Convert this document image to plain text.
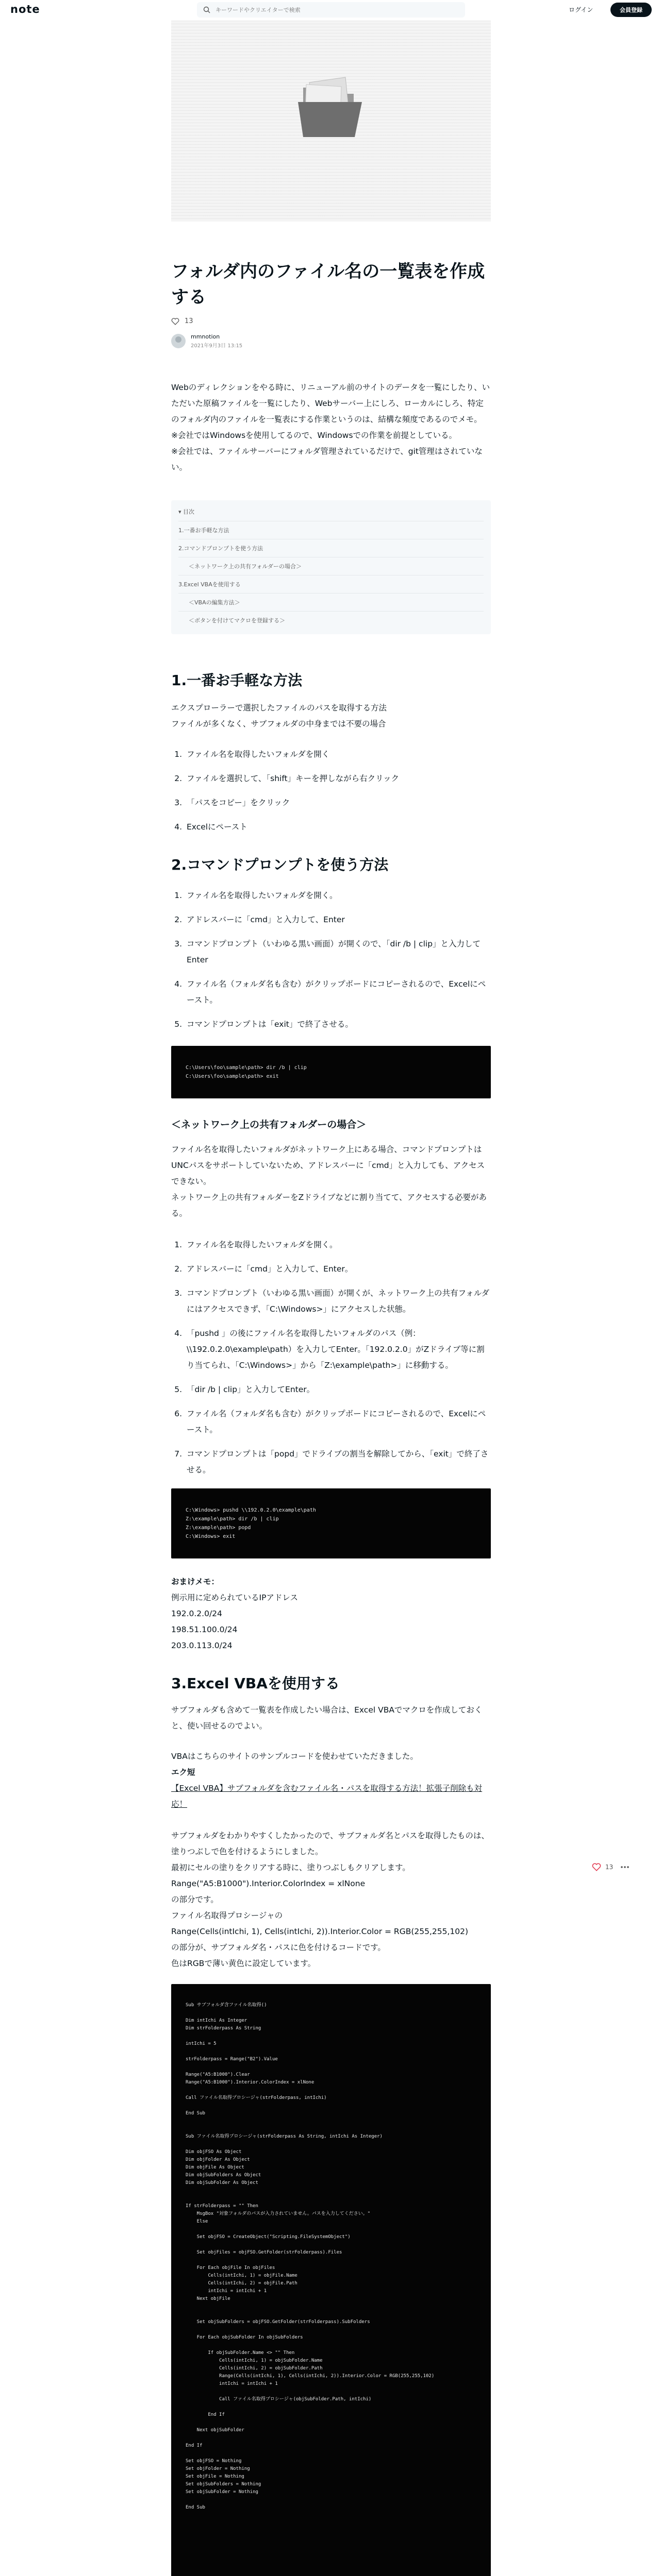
note
キーワードやクリエイターで検索	ログイン	会員登録
フォルダ内のファイル名の一覧表を作成する
13
mmnotion
2021年9月3日 13:15
Webのディレクションをやる時に、リニューアル前のサイトのデータを一覧にしたり、いただいた原稿ファイルを一覧にしたり、Webサーバー上にしろ、ローカルにしろ、特定のフォルダ内のファイルを一覧表にする作業というのは、結構な頻度であるのでメモ。
※会社ではWindowsを使用してるので、Windowsでの作業を前提としている。
※会社では、ファイルサーバーにフォルダ管理されているだけで、git管理はされていない。
▾ 目次
1.一番お手軽な方法
2.コマンドプロンプトを使う方法
＜ネットワーク上の共有フォルダーの場合＞
3.Excel VBAを使用する
＜VBAの編集方法＞
＜ボタンを付けてマクロを登録する＞
1.一番お手軽な方法
エクスプローラーで選択したファイルのパスを取得する方法
ファイルが多くなく、サブフォルダの中身までは不要の場合
1. ファイル名を取得したいフォルダを開く
2. ファイルを選択して、「shift」キーを押しながら右クリック
3. 「パスをコピー」をクリック
4. Excelにペースト
2.コマンドプロンプトを使う方法
1. ファイル名を取得したいフォルダを開く。
2. アドレスバーに「cmd」と入力して、Enter
3. コマンドプロンプト（いわゆる黒い画面）が開くので、「dir /b | clip」と入力してEnter
4. ファイル名（フォルダ名も含む）がクリップボードにコピーされるので、Excelにペースト。
5. コマンドプロンプトは「exit」で終了させる。
C:\Users\foo\sample\path> dir /b | clip
C:\Users\foo\sample\path> exit
＜ネットワーク上の共有フォルダーの場合＞
ファイル名を取得したいフォルダがネットワーク上にある場合、コマンドプロンプトはUNCパスをサポートしていないため、アドレスバーに「cmd」と入力しても、アクセスできない。
ネットワーク上の共有フォルダーをZドライブなどに割り当てて、アクセスする必要がある。
1. ファイル名を取得したいフォルダを開く。
2. アドレスバーに「cmd」と入力して、Enter。
3. コマンドプロンプト（いわゆる黒い画面）が開くが、ネットワーク上の共有フォルダにはアクセスできず、「C:\Windows>」にアクセスした状態。
4. 「pushd 」の後にファイル名を取得したいフォルダのパス（例：\\192.0.2.0\example\path）を入力してEnter。「192.0.2.0」がZドライブ等に割り当てられ、「C:\Windows>」から「Z:\example\path>」に移動する。
5. 「dir /b | clip」と入力してEnter。
6. ファイル名（フォルダ名も含む）がクリップボードにコピーされるので、Excelにペースト。
7. コマンドプロンプトは「popd」でドライブの割当を解除してから、「exit」で終了させる。
C:\Windows> pushd \\192.0.2.0\example\path
Z:\example\path> dir /b | clip
Z:\example\path> popd
C:\Windows> exit
おまけメモ：
例示用に定められているIPアドレス
192.0.2.0/24
198.51.100.0/24
203.0.113.0/24
3.Excel VBAを使用する
サブフォルダも含めて一覧表を作成したい場合は、Excel VBAでマクロを作成しておくと、使い回せるのでよい。
VBAはこちらのサイトのサンプルコードを使わせていただきました。
エク短
【Excel VBA】サブフォルダを含むファイル名・パスを取得する方法！拡張子削除も対応！
サブフォルダをわかりやすくしたかったので、サブフォルダ名とパスを取得したものは、塗りつぶしで色を付けるようにしました。
最初にセルの塗りをクリアする時に、塗りつぶしもクリアします。
Range("A5:B1000").Interior.ColorIndex = xlNone
の部分です。
ファイル名取得プロシージャの
Range(Cells(intIchi, 1), Cells(intIchi, 2)).Interior.Color = RGB(255,255,102)
の部分が、サブフォルダ名・パスに色を付けるコードです。
色はRGBで薄い黄色に設定しています。
Sub サブフォルダ含ファイル名取得()

Dim intIchi As Integer
Dim strFolderpass As String

intIchi = 5

strFolderpass = Range("B2").Value

Range("A5:B1000").Clear
Range("A5:B1000").Interior.ColorIndex = xlNone

Call ファイル名取得プロシージャ(strFolderpass, intIchi)

End Sub

Sub ファイル名取得プロシージャ(strFolderpass As String, intIchi As Integer)

Dim objFSO As Object
Dim objFolder As Object
Dim objFile As Object
Dim objSubFolders As Object
Dim objSubFolder As Object

If strFolderpass = "" Then
MsgBox "対象フォルダのパスが入力されていません。パスを入力してください。"
Else

Set objFSO = CreateObject("Scripting.FileSystemObject")

Set objFiles = objFSO.GetFolder(strFolderpass).Files

For Each objFile In objFiles
Cells(intIchi, 1) = objFile.Name
Cells(intIchi, 2) = objFile.Path
intIchi = intIchi + 1
Next objFile

Set objSubFolders = objFSO.GetFolder(strFolderpass).SubFolders

For Each objSubFolder In objSubFolders

If objSubFolder.Name <> "" Then
Cells(intIchi, 1) = objSubFolder.Name
Cells(intIchi, 2) = objSubFolder.Path
Range(Cells(intIchi, 1), Cells(intIchi, 2)).Interior.Color = RGB(255,255,102)
intIchi = intIchi + 1

Call ファイル名取得プロシージャ(objSubFolder.Path, intIchi)

End If

Next objSubFolder

End If

Set objFSO = Nothing
Set objFolder = Nothing
Set objFile = Nothing
Set objSubFolders = Nothing
Set objSubFolder = Nothing

End Sub
13
